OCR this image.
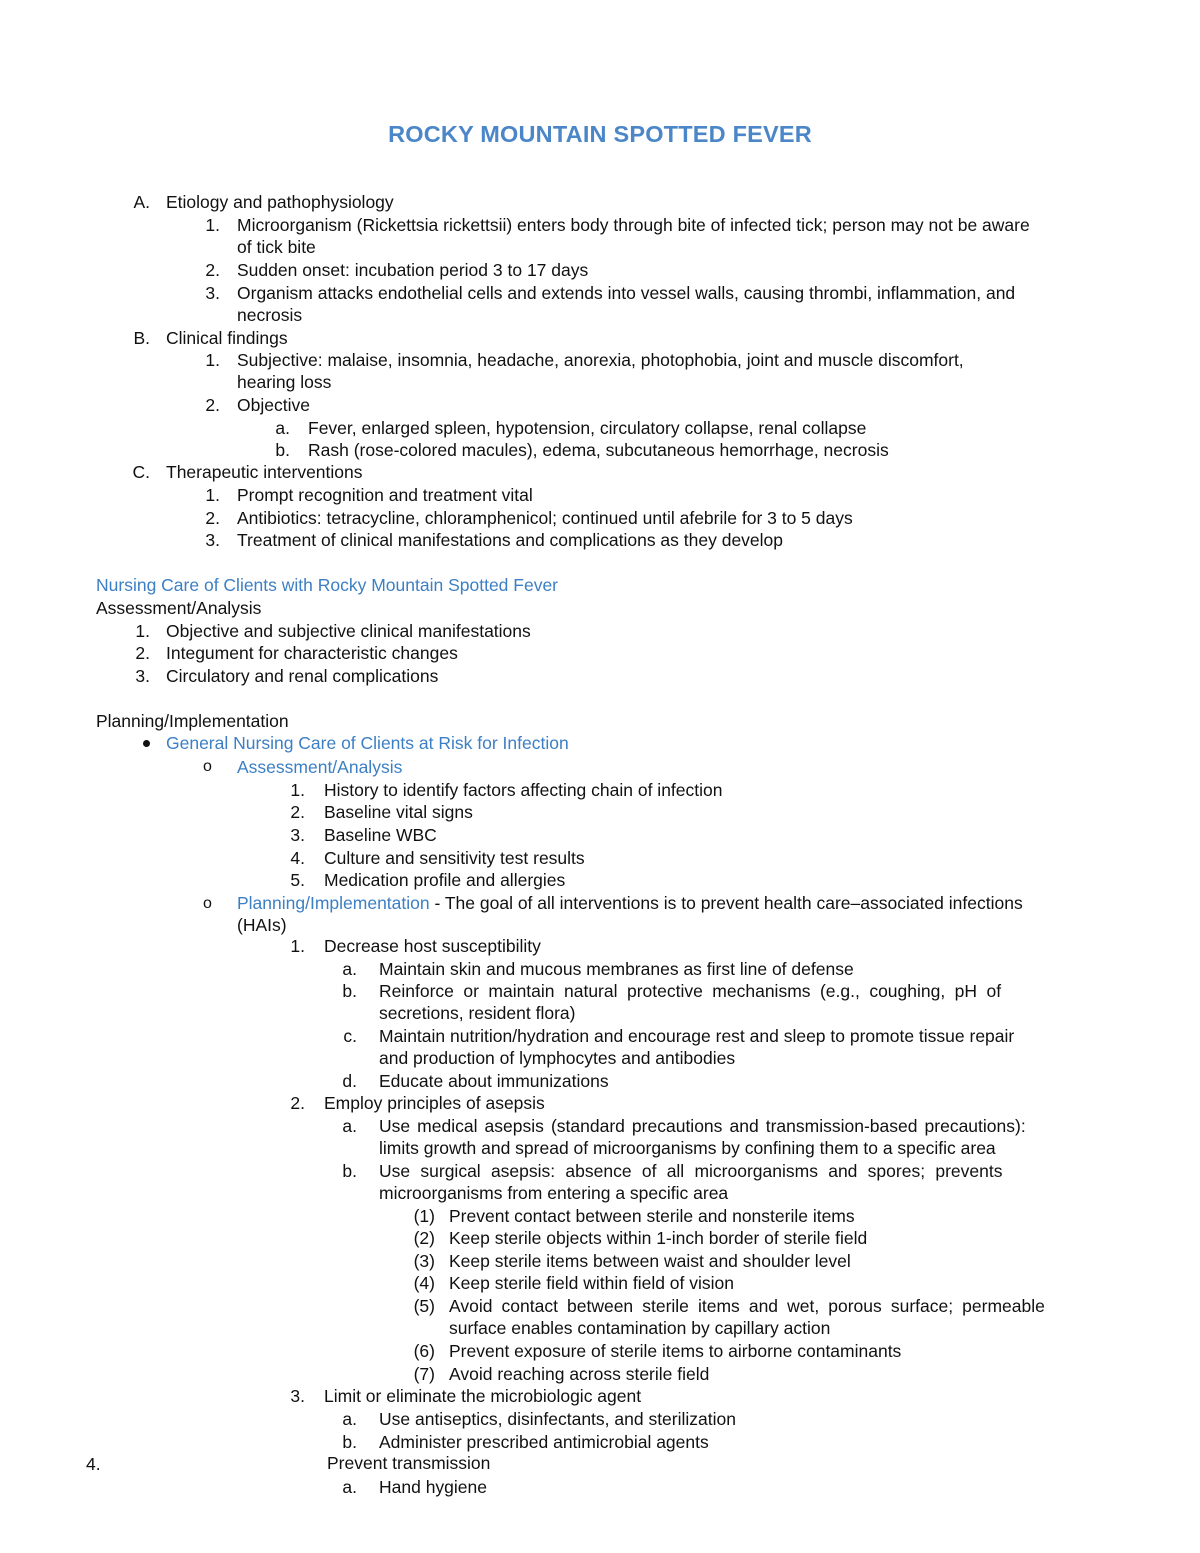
ROCKY MOUNTAIN SPOTTED FEVER
A. Etiology and pathophysiology
1. Microorganism (Rickettsia rickettsii) enters body through bite of infected tick; person may not be aware
of tick bite
2. Sudden onset: incubation period 3 to 17 days
3. Organism attacks endothelial cells and extends into vessel walls, causing thrombi, inflammation, and
necrosis
B. Clinical findings
1. Subjective: malaise, insomnia, headache, anorexia, photophobia, joint and muscle discomfort,
hearing loss
2. Objective
a. Fever, enlarged spleen, hypotension, circulatory collapse, renal collapse
b. Rash (rose-colored macules), edema, subcutaneous hemorrhage, necrosis
C. Therapeutic interventions
1. Prompt recognition and treatment vital
2. Antibiotics: tetracycline, chloramphenicol; continued until afebrile for 3 to 5 days
3. Treatment of clinical manifestations and complications as they develop
Nursing Care of Clients with Rocky Mountain Spotted Fever
Assessment/Analysis
1. Objective and subjective clinical manifestations
2. Integument for characteristic changes
3. Circulatory and renal complications
Planning/Implementation
General Nursing Care of Clients at Risk for Infection
o Assessment/Analysis
1. History to identify factors affecting chain of infection
2. Baseline vital signs
3. Baseline WBC
4. Culture and sensitivity test results
5. Medication profile and allergies
o Planning/Implementation - The goal of all interventions is to prevent health care–associated infections
(HAIs)
1. Decrease host susceptibility
a. Maintain skin and mucous membranes as first line of defense
b. Reinforce or maintain natural protective mechanisms (e.g., coughing, pH of
secretions, resident flora)
c. Maintain nutrition/hydration and encourage rest and sleep to promote tissue repair
and production of lymphocytes and antibodies
d. Educate about immunizations
2. Employ principles of asepsis
a. Use medical asepsis (standard precautions and transmission-based precautions):
limits growth and spread of microorganisms by confining them to a specific area
b. Use surgical asepsis: absence of all microorganisms and spores; prevents
microorganisms from entering a specific area
(1) Prevent contact between sterile and nonsterile items
(2) Keep sterile objects within 1-inch border of sterile field
(3) Keep sterile items between waist and shoulder level
(4) Keep sterile field within field of vision
(5) Avoid contact between sterile items and wet, porous surface; permeable
surface enables contamination by capillary action
(6) Prevent exposure of sterile items to airborne contaminants
(7) Avoid reaching across sterile field
3. Limit or eliminate the microbiologic agent
a. Use antiseptics, disinfectants, and sterilization
b. Administer prescribed antimicrobial agents
4.	Prevent transmission
a. Hand hygiene
